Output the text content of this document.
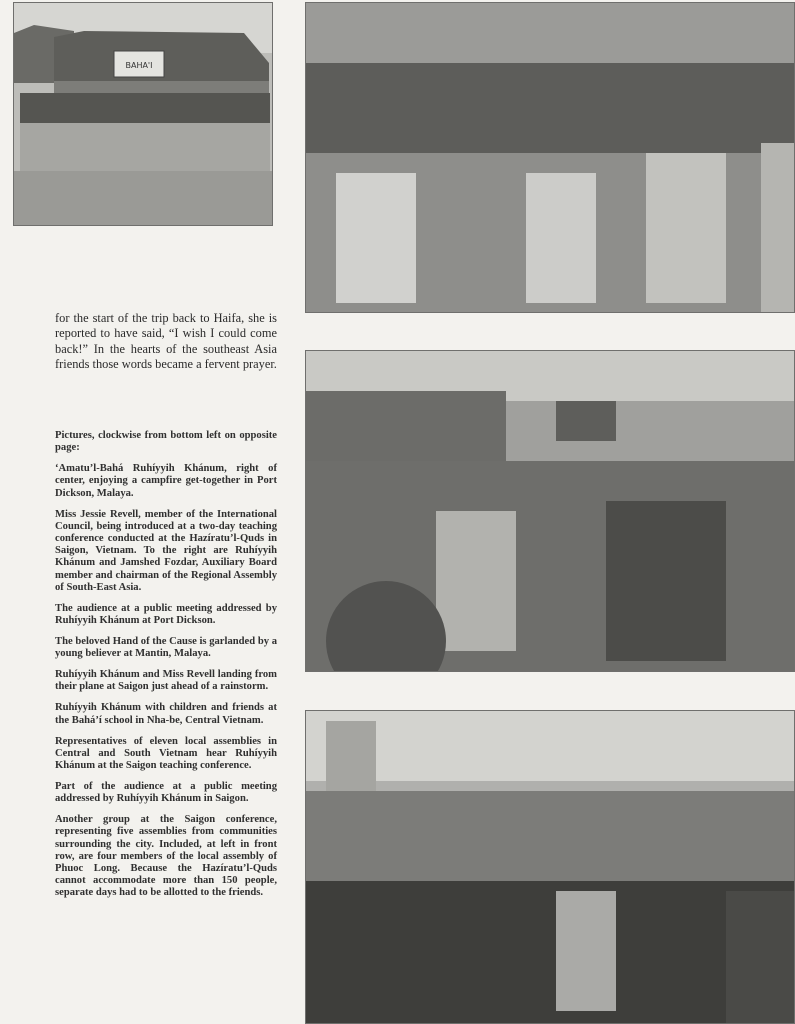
BAHA'I
for the start of the trip back to Haifa, she is reported to have said, “I wish I could come back!” In the hearts of the southeast Asia friends those words became a fervent prayer.

Pictures, clockwise from bottom left on opposite page:

‘Amatu’l-Bahá Ruhíyyih Khánum, right of center, enjoying a campfire get-together in Port Dickson, Malaya.

Miss Jessie Revell, member of the International Council, being introduced at a two-day teaching conference conducted at the Hazíratu’l-Quds in Saigon, Vietnam. To the right are Ruhíyyih Khánum and Jamshed Fozdar, Auxiliary Board member and chairman of the Regional Assembly of South-East Asia.

The audience at a public meeting addressed by Ruhíyyih Khánum at Port Dickson.

The beloved Hand of the Cause is garlanded by a young believer at Mantin, Malaya.

Ruhíyyih Khánum and Miss Revell landing from their plane at Saigon just ahead of a rainstorm.

Ruhíyyih Khánum with children and friends at the Bahá’í school in Nha-be, Central Vietnam.

Representatives of eleven local assemblies in Central and South Vietnam hear Ruhíyyih Khánum at the Saigon teaching conference.

Part of the audience at a public meeting addressed by Ruhíyyih Khánum in Saigon.

Another group at the Saigon conference, representing five assemblies from communities surrounding the city. Included, at left in front row, are four members of the local assembly of Phuoc Long. Because the Hazíratu’l-Quds cannot accommodate more than 150 people, separate days had to be allotted to the friends.
